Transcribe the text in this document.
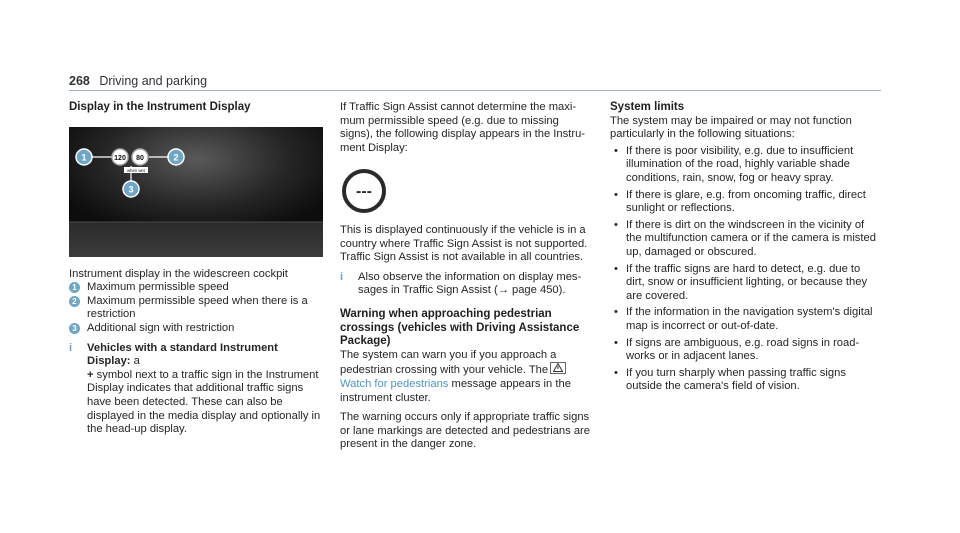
268 Driving and parking
Display in the Instrument Display
120 80
when wet
1	2
3

Instrument display in the widescreen cockpit

1 Maximum permissible speed
2 Maximum permissible speed when there is a restriction
3 Additional sign with restriction
i	Vehicles with a standard Instrument Display: a
+ symbol next to a traffic sign in the Instrument Display indicates that additional traffic signs have been detected. These can also be displayed in the media display and optionally in the head-up display.

If Traffic Sign Assist cannot determine the maximum permissible speed (e.g. due to missing signs), the following display appears in the Instrument Display:

---

This is displayed continuously if the vehicle is in a country where Traffic Sign Assist is not supported. Traffic Sign Assist is not available in all countries.

i	Also observe the information on display messages in Traffic Sign Assist (→ page 450).

Warning when approaching pedestrian crossings (vehicles with Driving Assistance Package)

The system can warn you if you approach a pedestrian crossing with your vehicle. The

Watch for pedestrians message appears in the instrument cluster.

The warning occurs only if appropriate traffic signs or lane markings are detected and pedestrians are present in the danger zone.

System limits

The system may be impaired or may not function particularly in the following situations:

• If there is poor visibility, e.g. due to insufficient illumination of the road, highly variable shade conditions, rain, snow, fog or heavy spray.
• If there is glare, e.g. from oncoming traffic, direct sunlight or reflections.
• If there is dirt on the windscreen in the vicinity of the multifunction camera or if the camera is misted up, damaged or obscured.
• If the traffic signs are hard to detect, e.g. due to dirt, snow or insufficient lighting, or because they are covered.
• If the information in the navigation system's digital map is incorrect or out-of-date.
• If signs are ambiguous, e.g. road signs in roadworks or in adjacent lanes.
• If you turn sharply when passing traffic signs outside the camera's field of vision.
